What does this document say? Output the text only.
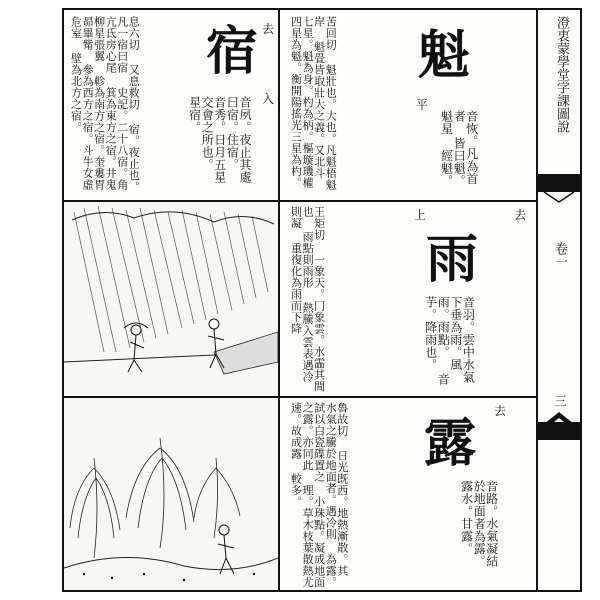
澄衷蒙學堂字課圖說
卷一
三
魁
平
音恢。凡為首者 皆曰魁。魁星 經魁。
苦回切 魁壯也。大也。凡魁梧魁岸 魁畳皆取壯大之義。又北斗 七星。魁為身。杓為柄。樞璇璣權 四星為魁。衡開陽搖光三星為杓。
宿 去
入
音夙。夜止其處 曰宿。住宿。 音秀。日月五星 交會之所也。 星宿。
息六切 又息救切 宿。夜止也。凡一宿曰宿 史記。二十八宿。角亢氐房心尾 箕為東方之宿。井鬼柳星張翼 軫為南方之宿。奎婁胃昴畢觜 參為西方之宿。斗牛女虛危室 壁為北方之宿。
雨
上	去
音羽。雲中水氣 下垂為雨。風 雨。雨點。 音芋。降雨也。
王矩切 一象天。冂象雲。水霝其間也 雨點則雨形 熱騰入雲表遇冷則凝 重復化為雨而下降
露
去
音路。水氣凝結 於地面者為露。 露水。甘露。
魯故切 日光既西。地熱漸散。其 水氣之騰於地面者。遇冷則 為露。試以白瓷碟置之 小珠點。凝成地面之露。亦同此 理。草木枝葉散熱尤速。故成露 較多。
